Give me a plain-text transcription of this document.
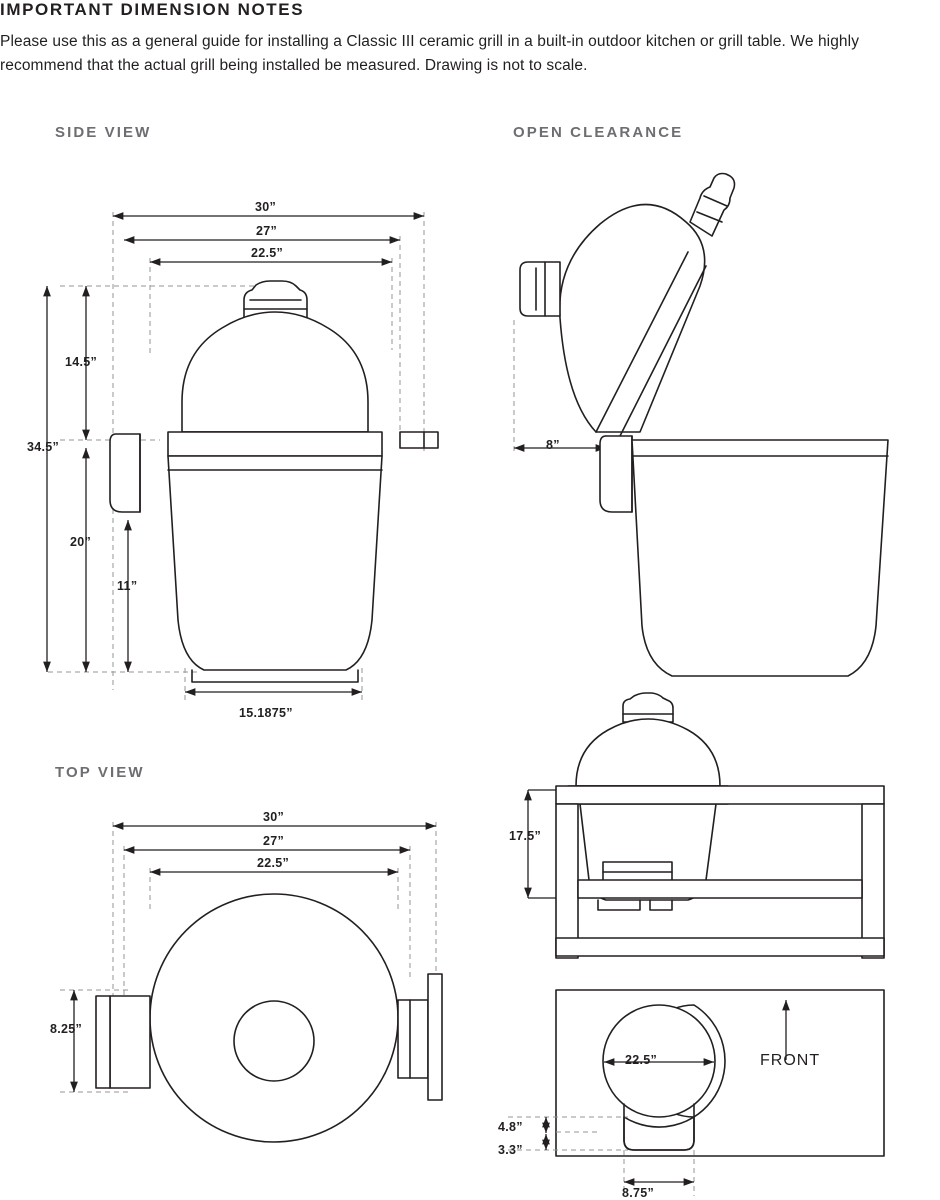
IMPORTANT DIMENSION NOTES
Please use this as a general guide for installing a Classic III ceramic grill in a built-in outdoor kitchen or grill table. We highly recommend that the actual grill being installed be measured. Drawing is not to scale.
SIDE VIEW	OPEN CLEARANCE
TOP VIEW
30”
27”
22.5”
14.5”
34.5”
20”
11”
15.1875”
8”
17.5”
22.5”	FRONT
4.8”
3.3”
8.75”
30”
27”
22.5”
8.25”
